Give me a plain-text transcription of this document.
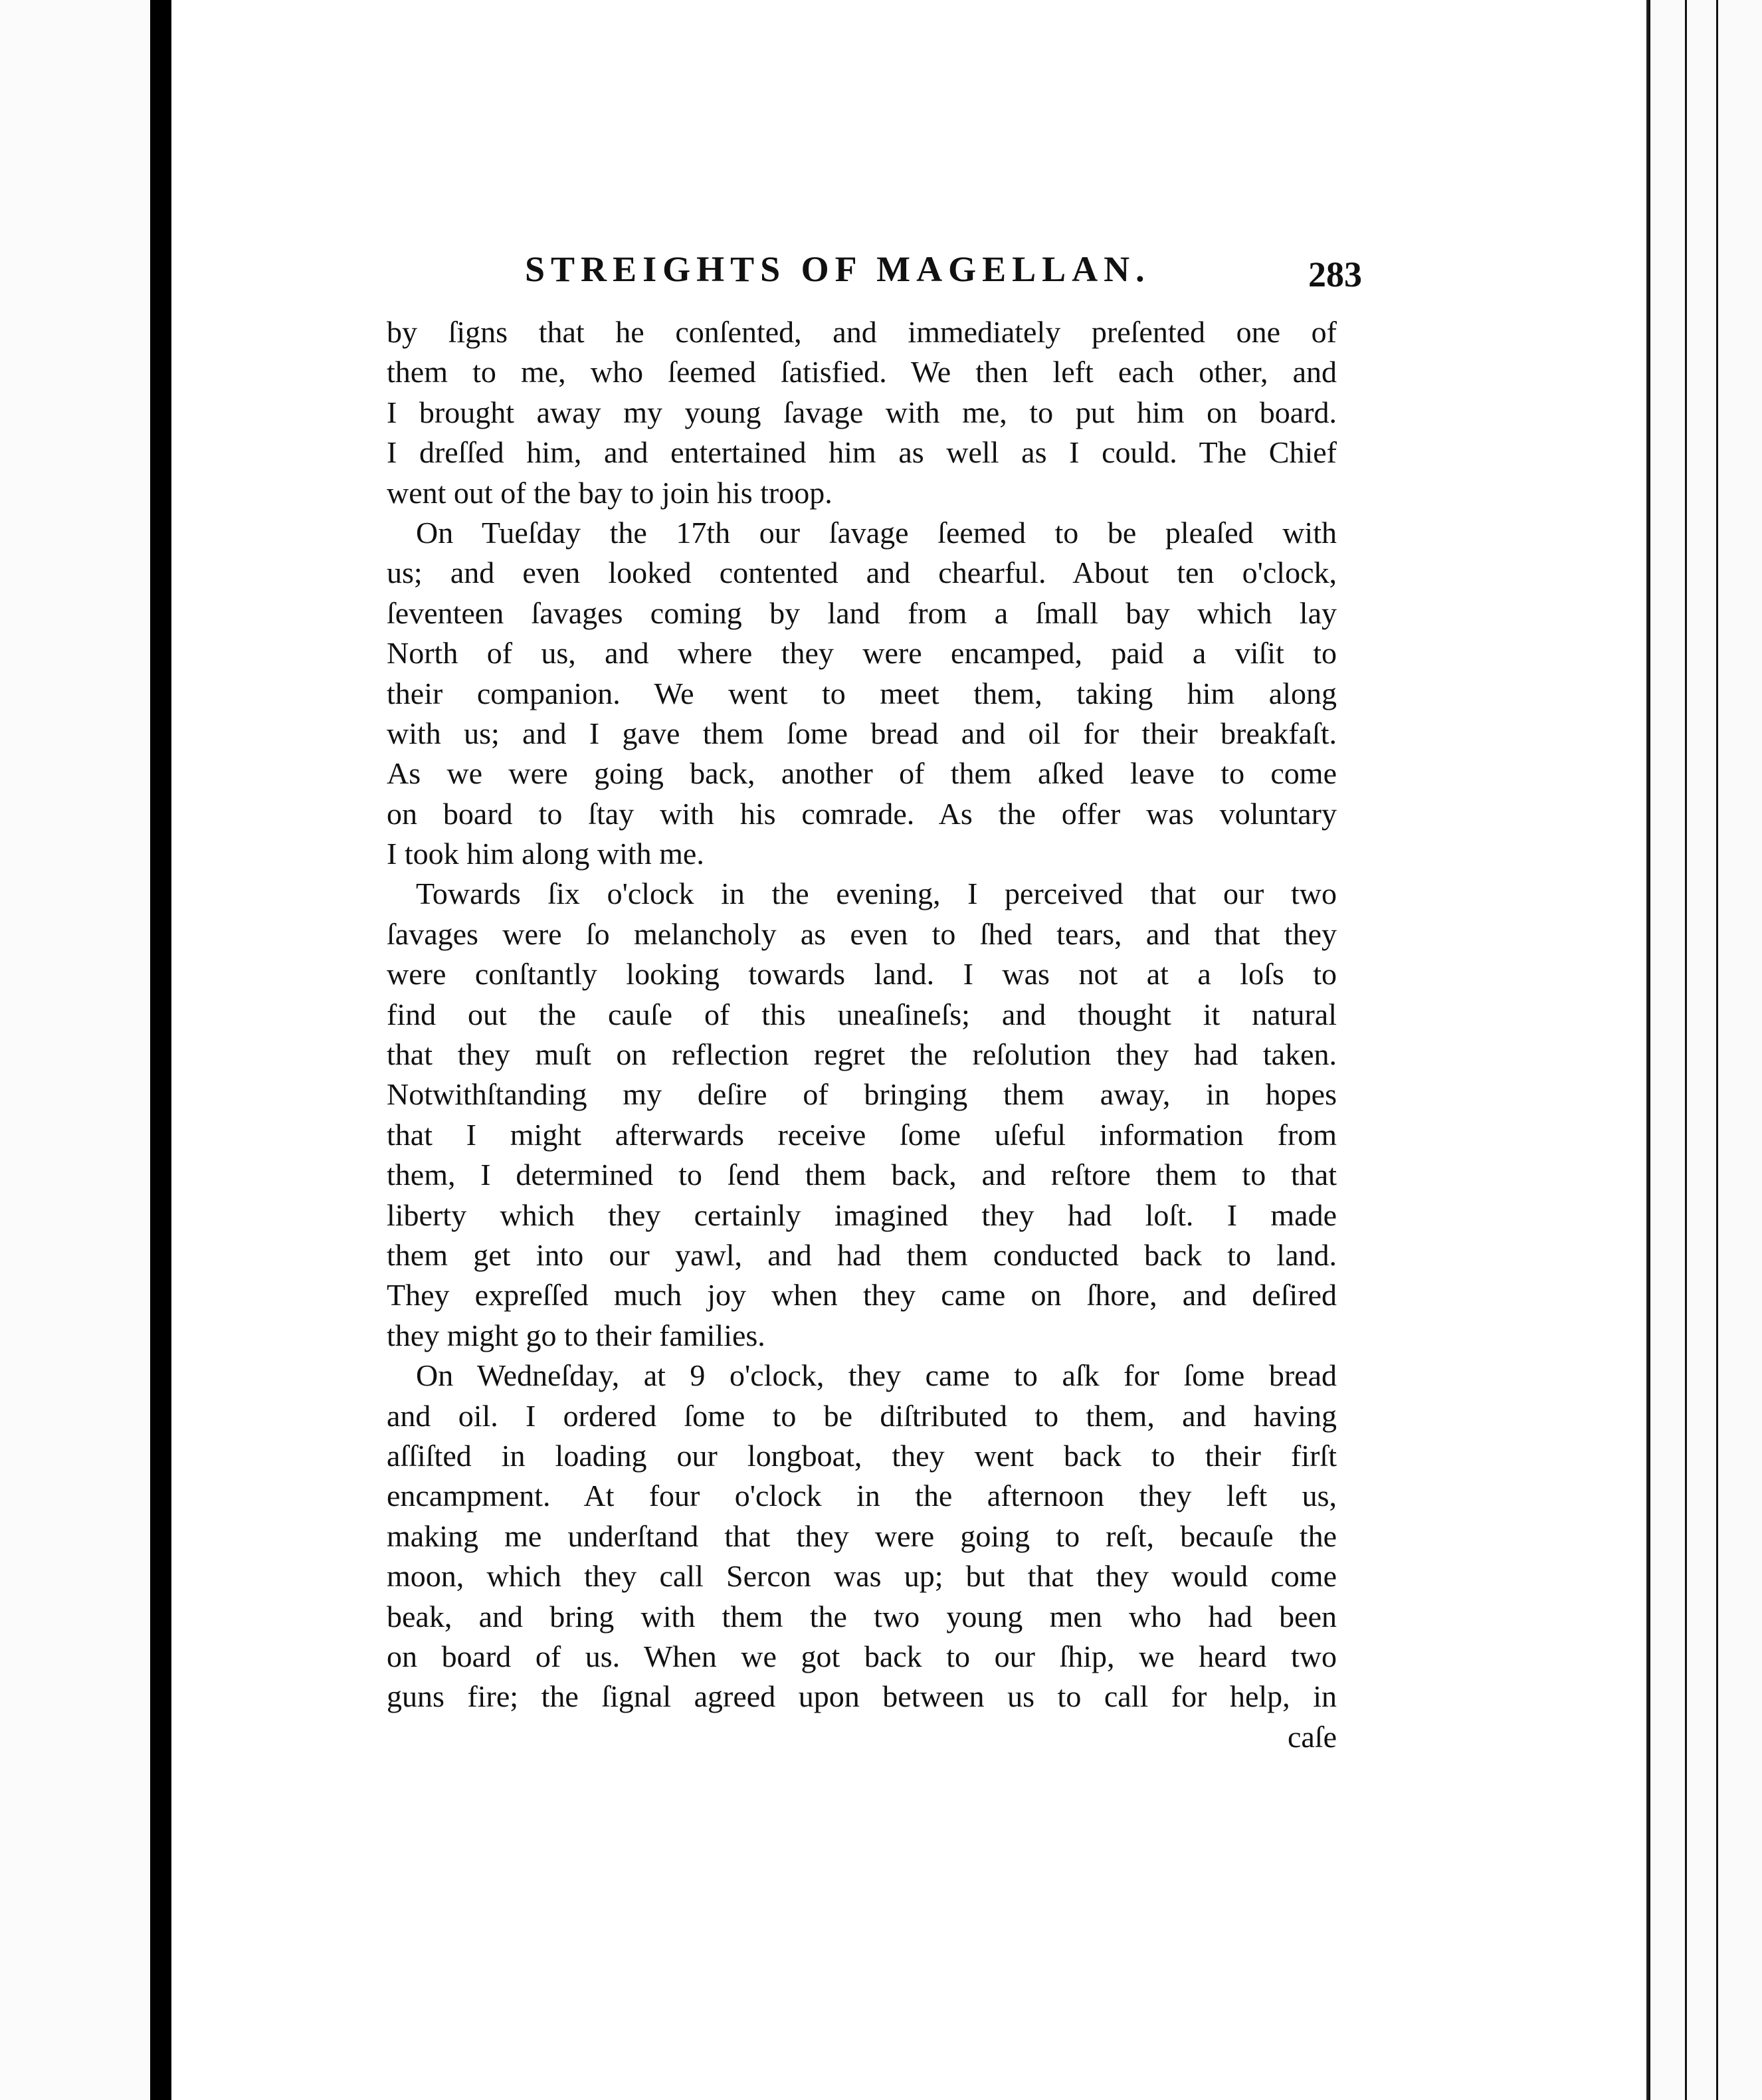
STREIGHTS OF MAGELLAN.	283
by ſigns that he conſented, and immediately preſented one of
them to me, who ſeemed ſatisfied. We then left each other, and
I brought away my young ſavage with me, to put him on board.
I dreſſed him, and entertained him as well as I could. The Chief
went out of the bay to join his troop.
On Tueſday the 17th our ſavage ſeemed to be pleaſed with
us; and even looked contented and chearful. About ten o'clock,
ſeventeen ſavages coming by land from a ſmall bay which lay
North of us, and where they were encamped, paid a viſit to
their companion. We went to meet them, taking him along
with us; and I gave them ſome bread and oil for their breakfaſt.
As we were going back, another of them aſked leave to come
on board to ſtay with his comrade. As the offer was voluntary
I took him along with me.
Towards ſix o'clock in the evening, I perceived that our two
ſavages were ſo melancholy as even to ſhed tears, and that they
were conſtantly looking towards land. I was not at a loſs to
find out the cauſe of this uneaſineſs; and thought it natural
that they muſt on reflection regret the reſolution they had taken.
Notwithſtanding my deſire of bringing them away, in hopes
that I might afterwards receive ſome uſeful information from
them, I determined to ſend them back, and reſtore them to that
liberty which they certainly imagined they had loſt. I made
them get into our yawl, and had them conducted back to land.
They expreſſed much joy when they came on ſhore, and deſired
they might go to their families.
On Wedneſday, at 9 o'clock, they came to aſk for ſome bread
and oil. I ordered ſome to be diſtributed to them, and having
aſſiſted in loading our longboat, they went back to their firſt
encampment. At four o'clock in the afternoon they left us,
making me underſtand that they were going to reſt, becauſe the
moon, which they call Sercon was up; but that they would come
beak, and bring with them the two young men who had been
on board of us. When we got back to our ſhip, we heard two
guns fire; the ſignal agreed upon between us to call for help, in
caſe
